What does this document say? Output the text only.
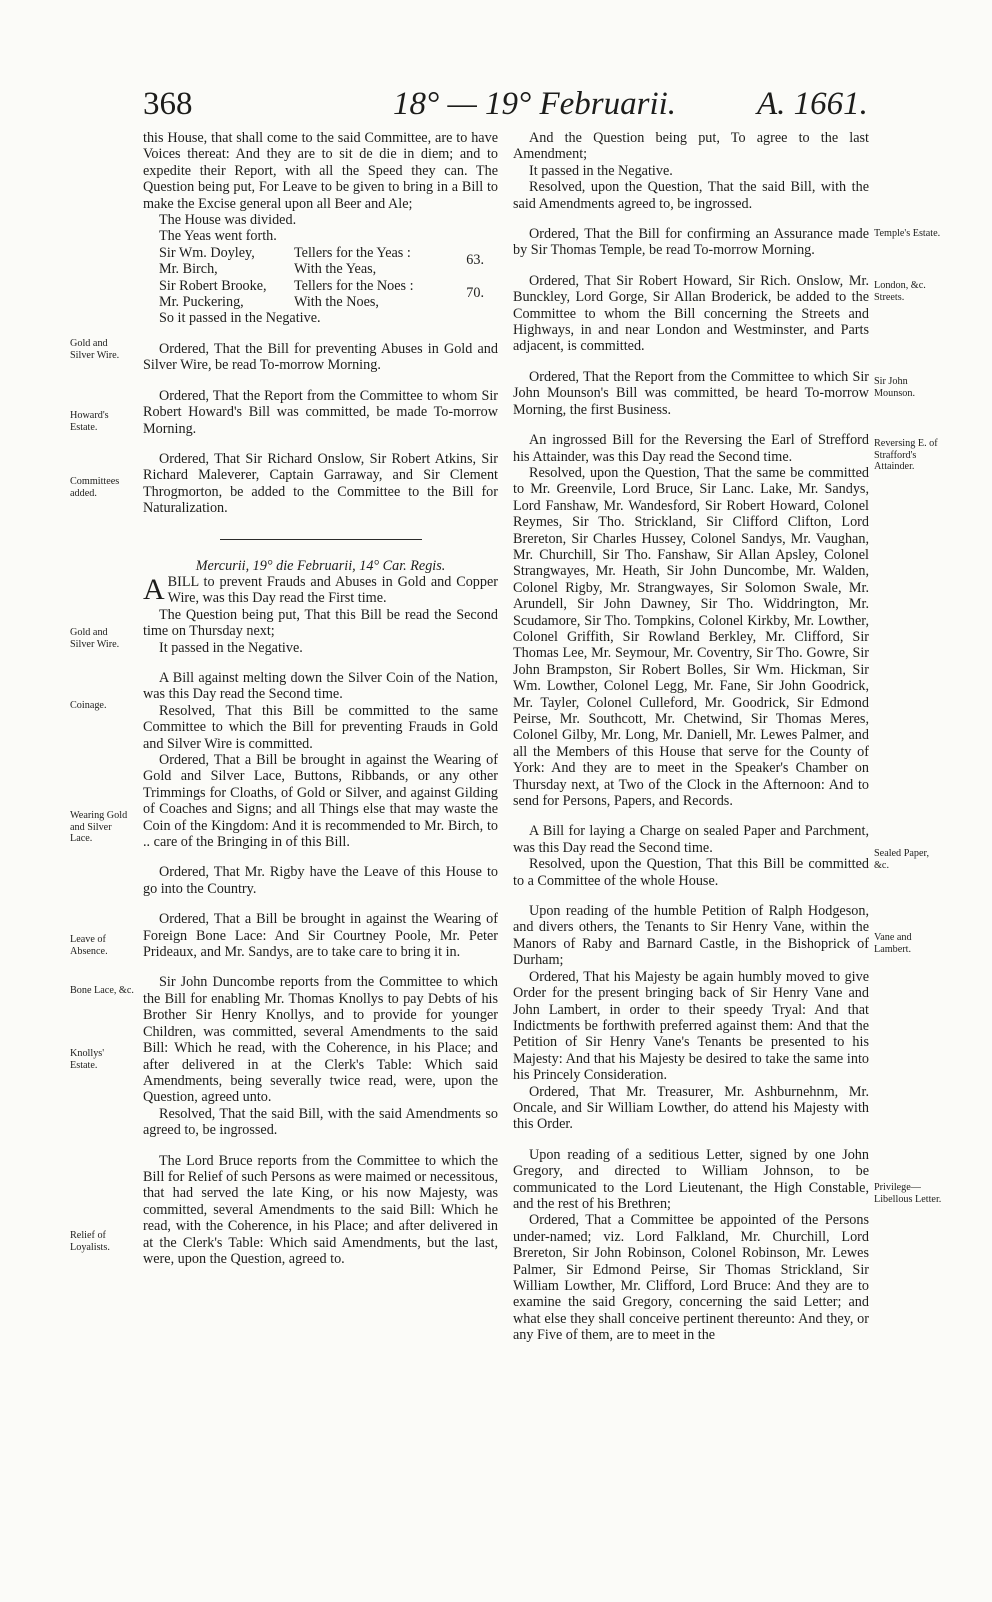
368	18° — 19° Februarii. A. 1661.

this House, that shall come to the said Committee, are to have Voices thereat: And they are to sit de die in diem; and to expedite their Report, with all the Speed they can. The Question being put, For Leave to be given to bring in a Bill to make the Excise general upon all Beer and Ale;

The House was divided.

The Yeas went forth.

Sir Wm. Doyley,	Tellers for the Yeas :
Mr. Birch,	With the Yeas,
63.
Sir Robert Brooke, Tellers for the Noes :
Mr. Puckering,	With the Noes,
70.

So it passed in the Negative.

Ordered, That the Bill for preventing Abuses in Gold and Silver Wire, be read To-morrow Morning.

Ordered, That the Report from the Committee to whom Sir Robert Howard's Bill was committed, be made To-morrow Morning.

Ordered, That Sir Richard Onslow, Sir Robert Atkins, Sir Richard Maleverer, Captain Garraway, and Sir Clement Throgmorton, be added to the Committee to the Bill for Naturalization.

Mercurii, 19° die Februarii, 14° Car. Regis.

ABILL to prevent Frauds and Abuses in Gold and Copper Wire, was this Day read the First time.

The Question being put, That this Bill be read the Second time on Thursday next;

It passed in the Negative.

A Bill against melting down the Silver Coin of the Nation, was this Day read the Second time.

Resolved, That this Bill be committed to the same Committee to which the Bill for preventing Frauds in Gold and Silver Wire is committed.

Ordered, That a Bill be brought in against the Wearing of Gold and Silver Lace, Buttons, Ribbands, or any other Trimmings for Cloaths, of Gold or Silver, and against Gilding of Coaches and Signs; and all Things else that may waste the Coin of the Kingdom: And it is recommended to Mr. Birch, to .. care of the Bringing in of this Bill.

Ordered, That Mr. Rigby have the Leave of this House to go into the Country.

Ordered, That a Bill be brought in against the Wearing of Foreign Bone Lace: And Sir Courtney Poole, Mr. Peter Prideaux, and Mr. Sandys, are to take care to bring it in.

Sir John Duncombe reports from the Committee to which the Bill for enabling Mr. Thomas Knollys to pay Debts of his Brother Sir Henry Knollys, and to provide for younger Children, was committed, several Amendments to the said Bill: Which he read, with the Coherence, in his Place; and after delivered in at the Clerk's Table: Which said Amendments, being severally twice read, were, upon the Question, agreed unto.

Resolved, That the said Bill, with the said Amendments so agreed to, be ingrossed.

The Lord Bruce reports from the Committee to which the Bill for Relief of such Persons as were maimed or necessitous, that had served the late King, or his now Majesty, was committed, several Amendments to the said Bill: Which he read, with the Coherence, in his Place; and after delivered in at the Clerk's Table: Which said Amendments, but the last, were, upon the Question, agreed to.

And the Question being put, To agree to the last Amendment;

It passed in the Negative.

Resolved, upon the Question, That the said Bill, with the said Amendments agreed to, be ingrossed.

Ordered, That the Bill for confirming an Assurance made by Sir Thomas Temple, be read To-morrow Morning.

Ordered, That Sir Robert Howard, Sir Rich. Onslow, Mr. Bunckley, Lord Gorge, Sir Allan Broderick, be added to the Committee to whom the Bill concerning the Streets and Highways, in and near London and Westminster, and Parts adjacent, is committed.

Ordered, That the Report from the Committee to which Sir John Mounson's Bill was committed, be heard To-morrow Morning, the first Business.

An ingrossed Bill for the Reversing the Earl of Strefford his Attainder, was this Day read the Second time.

Resolved, upon the Question, That the same be committed to Mr. Greenvile, Lord Bruce, Sir Lanc. Lake, Mr. Sandys, Lord Fanshaw, Mr. Wandesford, Sir Robert Howard, Colonel Reymes, Sir Tho. Strickland, Sir Clifford Clifton, Lord Brereton, Sir Charles Hussey, Colonel Sandys, Mr. Vaughan, Mr. Churchill, Sir Tho. Fanshaw, Sir Allan Apsley, Colonel Strangwayes, Mr. Heath, Sir John Duncombe, Mr. Walden, Colonel Rigby, Mr. Strangwayes, Sir Solomon Swale, Mr. Arundell, Sir John Dawney, Sir Tho. Widdrington, Mr. Scudamore, Sir Tho. Tompkins, Colonel Kirkby, Mr. Lowther, Colonel Griffith, Sir Rowland Berkley, Mr. Clifford, Sir Thomas Lee, Mr. Seymour, Mr. Coventry, Sir Tho. Gowre, Sir John Brampston, Sir Robert Bolles, Sir Wm. Hickman, Sir Wm. Lowther, Colonel Legg, Mr. Fane, Sir John Goodrick, Mr. Tayler, Colonel Culleford, Mr. Goodrick, Sir Edmond Peirse, Mr. Southcott, Mr. Chetwind, Sir Thomas Meres, Colonel Gilby, Mr. Long, Mr. Daniell, Mr. Lewes Palmer, and all the Members of this House that serve for the County of York: And they are to meet in the Speaker's Chamber on Thursday next, at Two of the Clock in the Afternoon: And to send for Persons, Papers, and Records.

A Bill for laying a Charge on sealed Paper and Parchment, was this Day read the Second time.

Resolved, upon the Question, That this Bill be committed to a Committee of the whole House.

Upon reading of the humble Petition of Ralph Hodgeson, and divers others, the Tenants to Sir Henry Vane, within the Manors of Raby and Barnard Castle, in the Bishoprick of Durham;

Ordered, That his Majesty be again humbly moved to give Order for the present bringing back of Sir Henry Vane and John Lambert, in order to their speedy Tryal: And that Indictments be forthwith preferred against them: And that the Petition of Sir Henry Vane's Tenants be presented to his Majesty: And that his Majesty be desired to take the same into his Princely Consideration.

Ordered, That Mr. Treasurer, Mr. Ashburnehnm, Mr. Oncale, and Sir William Lowther, do attend his Majesty with this Order.

Upon reading of a seditious Letter, signed by one John Gregory, and directed to William Johnson, to be communicated to the Lord Lieutenant, the High Constable, and the rest of his Brethren;

Ordered, That a Committee be appointed of the Persons under-named; viz. Lord Falkland, Mr. Churchill, Lord Brereton, Sir John Robinson, Colonel Robinson, Mr. Lewes Palmer, Sir Edmond Peirse, Sir Thomas Strickland, Sir William Lowther, Mr. Clifford, Lord Bruce: And they are to examine the said Gregory, concerning the said Letter; and what else they shall conceive pertinent thereunto: And they, or any Five of them, are to meet in the

Gold and Silver Wire.
Howard's Estate.
Committees added.
Gold and Silver Wire.
Coinage.
Wearing Gold and Silver Lace.
Leave of Absence.
Bone Lace, &c.
Knollys' Estate.
Relief of Loyalists.
Temple's Estate.
London, &c. Streets.
Sir John Mounson.
Reversing E. of Strafford's Attainder.
Sealed Paper, &c.
Vane and Lambert.
Privilege— Libellous Letter.
